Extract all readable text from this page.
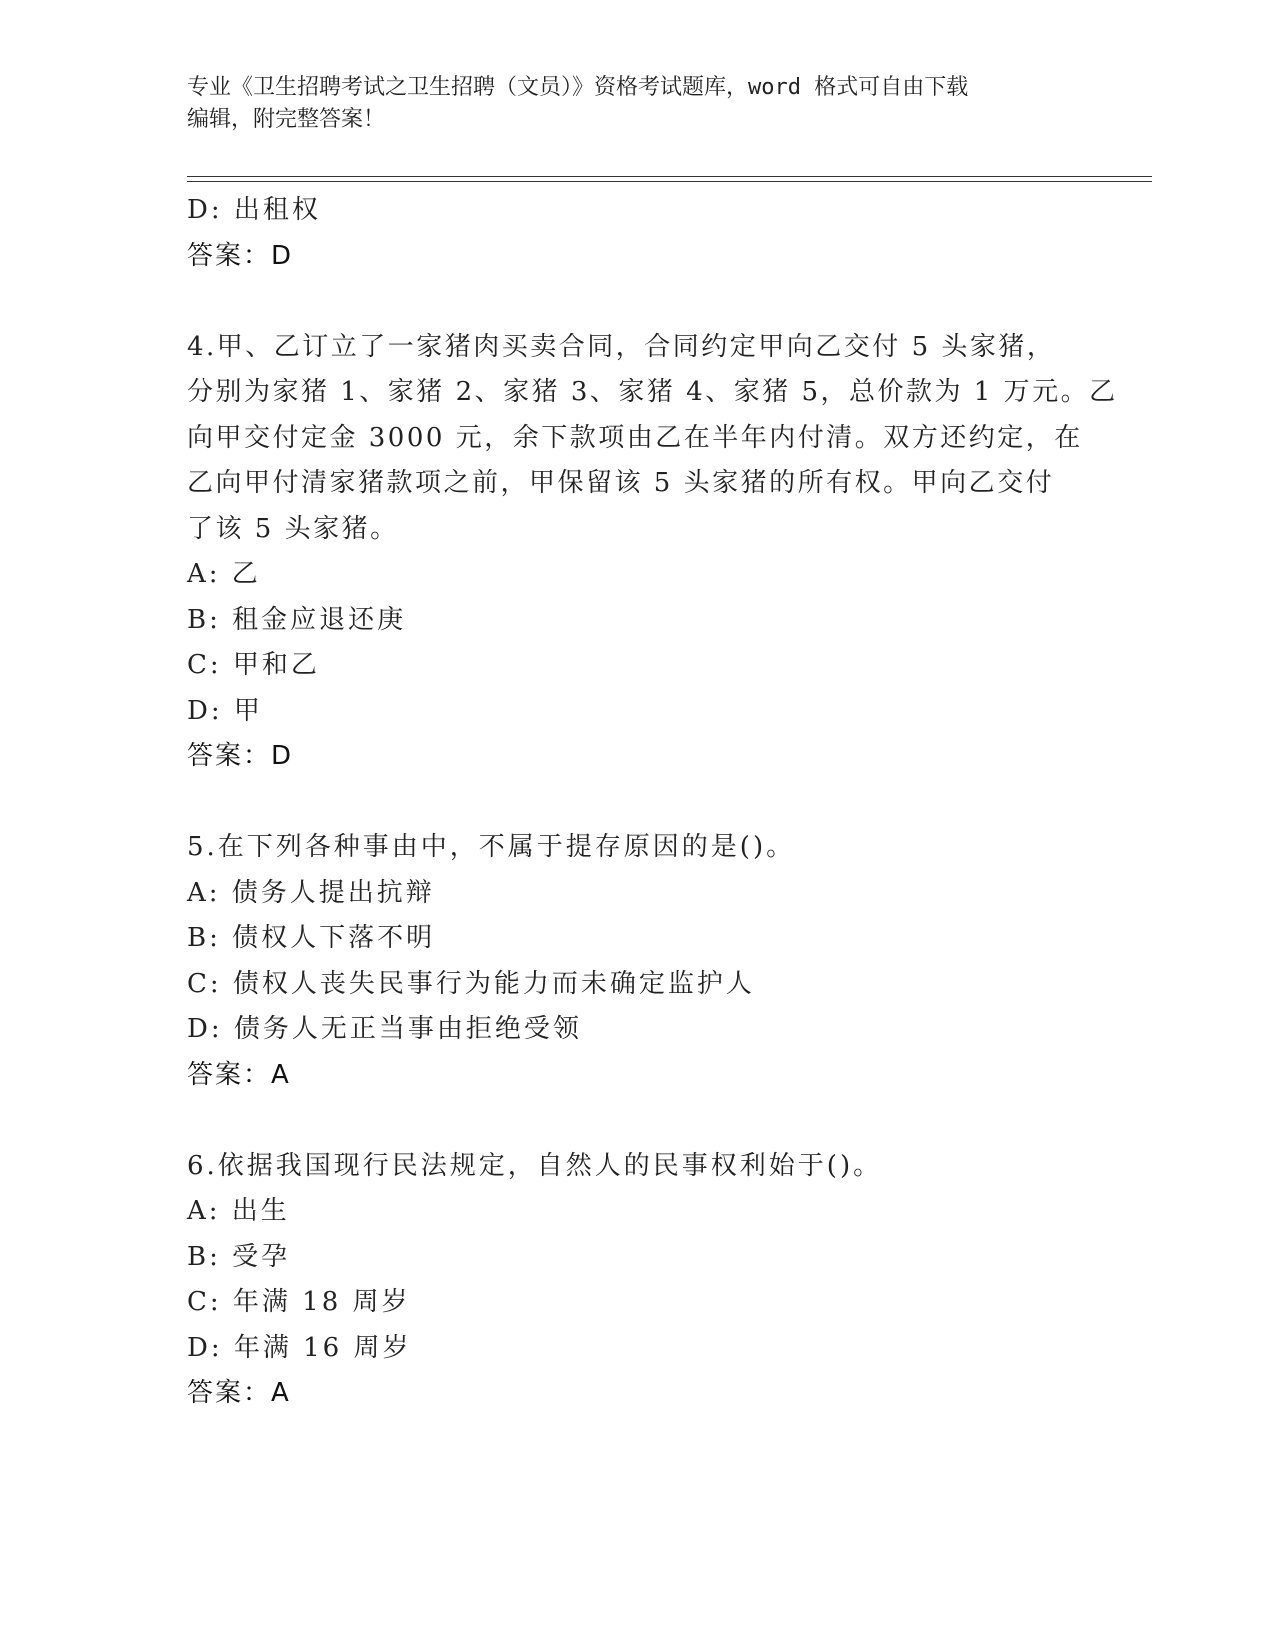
专业《卫生招聘考试之卫生招聘（文员）》资格考试题库，word 格式可自由下载
编辑，附完整答案！
D: 出租权
答案：D
4.甲、乙订立了一家猪肉买卖合同，合同约定甲向乙交付 5 头家猪，
分别为家猪 1、家猪 2、家猪 3、家猪 4、家猪 5，总价款为 1 万元。乙
向甲交付定金 3000 元，余下款项由乙在半年内付清。双方还约定，在
乙向甲付清家猪款项之前，甲保留该 5 头家猪的所有权。甲向乙交付
了该 5 头家猪。
A: 乙
B: 租金应退还庚
C: 甲和乙
D: 甲
答案：D
5.在下列各种事由中，不属于提存原因的是()。
A: 债务人提出抗辩
B: 债权人下落不明
C: 债权人丧失民事行为能力而未确定监护人
D: 债务人无正当事由拒绝受领
答案：A
6.依据我国现行民法规定，自然人的民事权利始于()。
A: 出生
B: 受孕
C: 年满 18 周岁
D: 年满 16 周岁
答案：A
